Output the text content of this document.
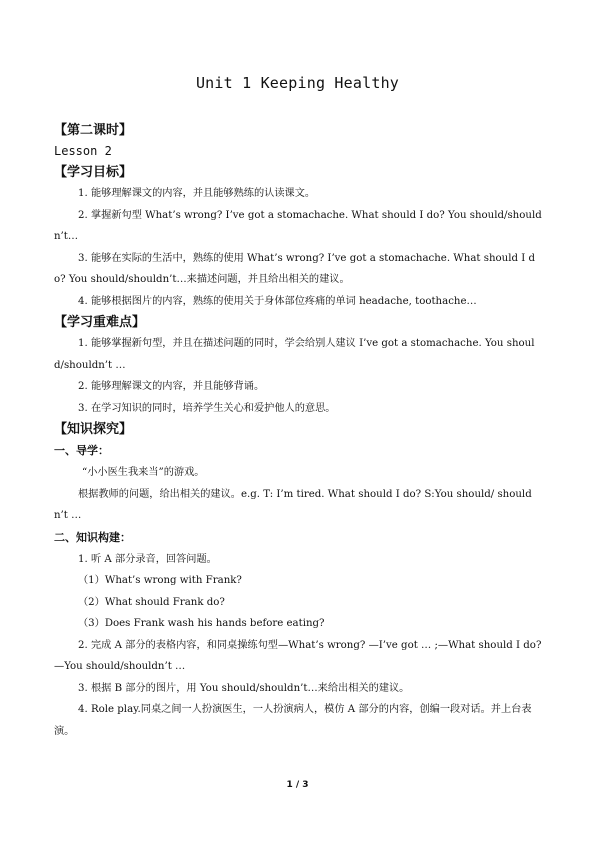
Unit 1 Keeping Healthy
【第二课时】
Lesson 2
【学习目标】

1. 能够理解课文的内容，并且能够熟练的认读课文。

2. 掌握新句型 What’s wrong? I’ve got a stomachache. What should I do? You should/shouldn’t…

3. 能够在实际的生活中，熟练的使用 What’s wrong? I’ve got a stomachache. What should I do? You should/shouldn’t…来描述问题，并且给出相关的建议。

4. 能够根据图片的内容，熟练的使用关于身体部位疼痛的单词 headache, toothache…

【学习重难点】

1. 能够掌握新句型，并且在描述问题的同时，学会给别人建议 I’ve got a stomachache. You should/shouldn’t …

2. 能够理解课文的内容，并且能够背诵。

3. 在学习知识的同时，培养学生关心和爱护他人的意思。

【知识探究】
一、导学：

“小小医生我来当”的游戏。

根据教师的问题，给出相关的建议。e.g. T: I’m tired. What should I do? S:You should/ shouldn’t …

二、知识构建：

1. 听 A 部分录音，回答问题。

（1）What’s wrong with Frank?

（2）What should Frank do?

（3）Does Frank wash his hands before eating?

2. 完成 A 部分的表格内容，和同桌操练句型—What’s wrong? —I’ve got … ;—What should I do? —You should/shouldn’t …

3. 根据 B 部分的图片，用 You should/shouldn’t…来给出相关的建议。

4. Role play.同桌之间一人扮演医生，一人扮演病人，模仿 A 部分的内容，创编一段对话。并上台表演。

1 / 3
